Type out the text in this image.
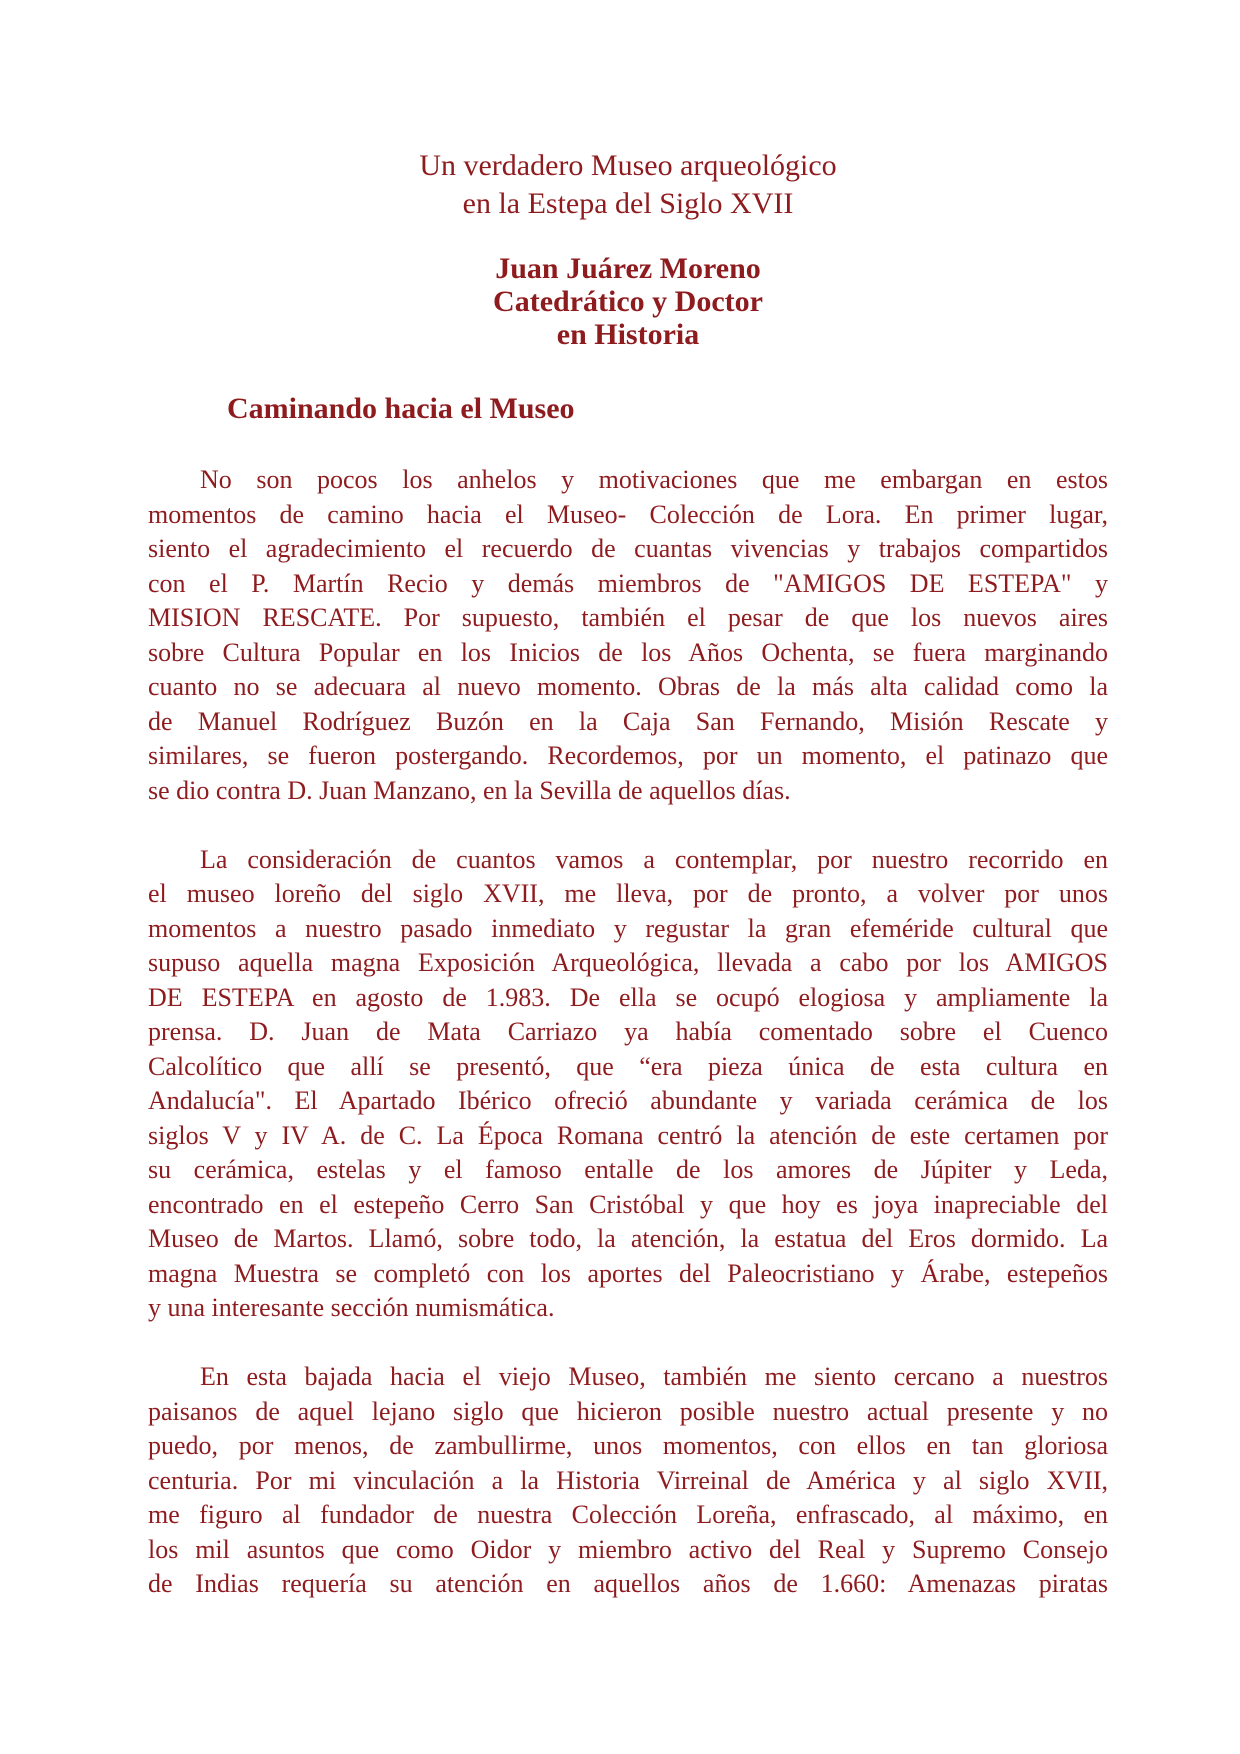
Un verdadero Museo arqueológico
en la Estepa del Siglo XVII
Juan Juárez Moreno
Catedrático y Doctor
en Historia
Caminando hacia el Museo
No son pocos los anhelos y motivaciones que me embargan en estos
momentos de camino hacia el Museo- Colección de Lora. En primer lugar,
siento el agradecimiento el recuerdo de cuantas vivencias y trabajos compartidos
con el P. Martín Recio y demás miembros de "AMIGOS DE ESTEPA" y
MISION RESCATE. Por supuesto, también el pesar de que los nuevos aires
sobre Cultura Popular en los Inicios de los Años Ochenta, se fuera marginando
cuanto no se adecuara al nuevo momento. Obras de la más alta calidad como la
de Manuel Rodríguez Buzón en la Caja San Fernando, Misión Rescate y
similares, se fueron postergando. Recordemos, por un momento, el patinazo que
se dio contra D. Juan Manzano, en la Sevilla de aquellos días.
La consideración de cuantos vamos a contemplar, por nuestro recorrido en
el museo loreño del siglo XVII, me lleva, por de pronto, a volver por unos
momentos a nuestro pasado inmediato y regustar la gran efeméride cultural que
supuso aquella magna Exposición Arqueológica, llevada a cabo por los AMIGOS
DE ESTEPA en agosto de 1.983. De ella se ocupó elogiosa y ampliamente la
prensa. D. Juan de Mata Carriazo ya había comentado sobre el Cuenco
Calcolítico que allí se presentó, que “era pieza única de esta cultura en
Andalucía". El Apartado Ibérico ofreció abundante y variada cerámica de los
siglos V y IV A. de C. La Época Romana centró la atención de este certamen por
su cerámica, estelas y el famoso entalle de los amores de Júpiter y Leda,
encontrado en el estepeño Cerro San Cristóbal y que hoy es joya inapreciable del
Museo de Martos. Llamó, sobre todo, la atención, la estatua del Eros dormido. La
magna Muestra se completó con los aportes del Paleocristiano y Árabe, estepeños
y una interesante sección numismática.
En esta bajada hacia el viejo Museo, también me siento cercano a nuestros
paisanos de aquel lejano siglo que hicieron posible nuestro actual presente y no
puedo, por menos, de zambullirme, unos momentos, con ellos en tan gloriosa
centuria. Por mi vinculación a la Historia Virreinal de América y al siglo XVII,
me figuro al fundador de nuestra Colección Loreña, enfrascado, al máximo, en
los mil asuntos que como Oidor y miembro activo del Real y Supremo Consejo
de Indias requería su atención en aquellos años de 1.660: Amenazas piratas
